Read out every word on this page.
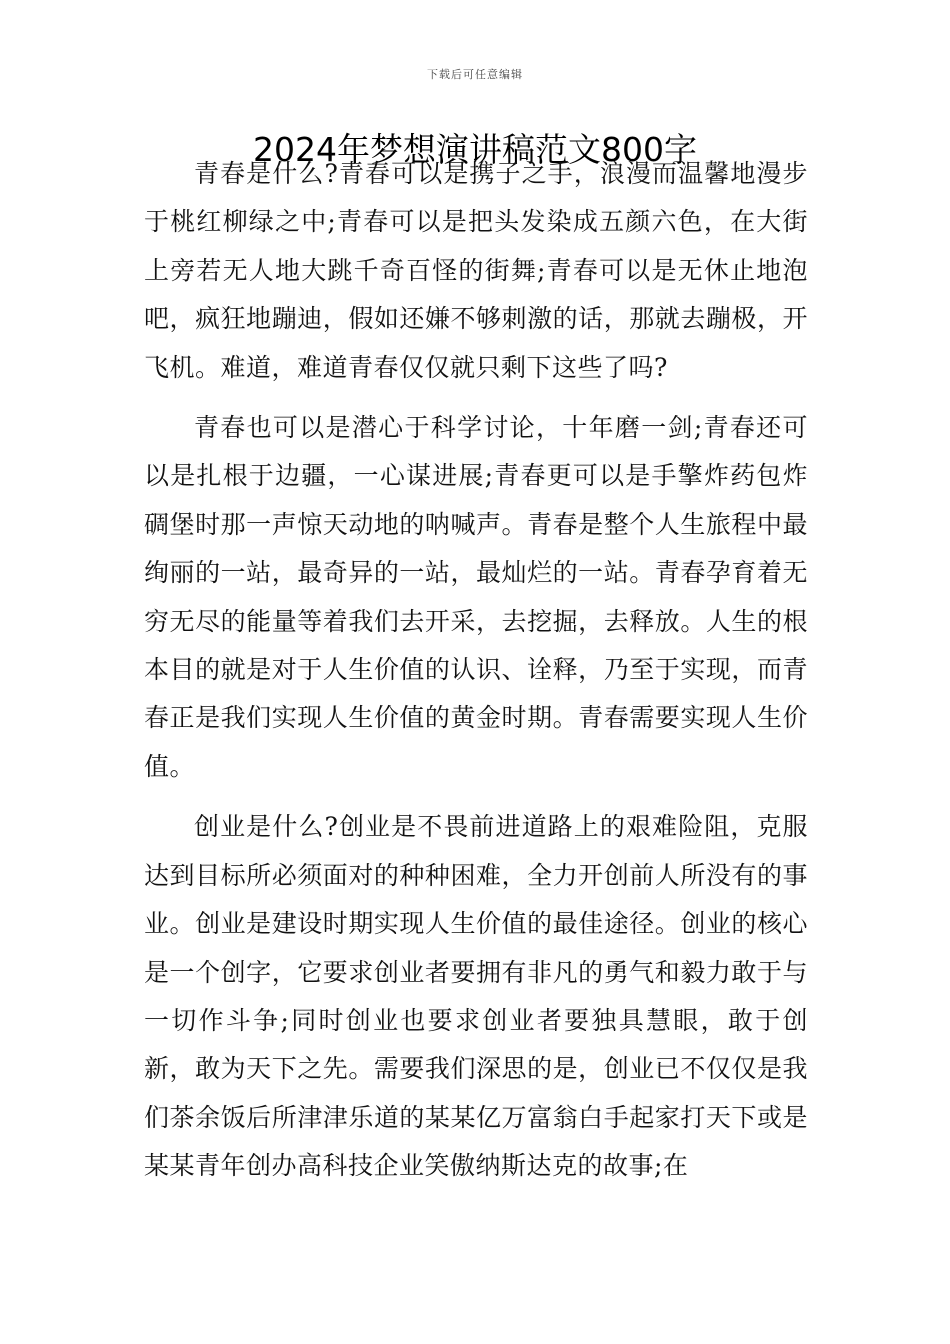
下载后可任意编辑
2024年梦想演讲稿范文800字

青春是什么?青春可以是携子之手，浪漫而温馨地漫步于桃红柳绿之中;青春可以是把头发染成五颜六色，在大街上旁若无人地大跳千奇百怪的街舞;青春可以是无休止地泡吧，疯狂地蹦迪，假如还嫌不够刺激的话，那就去蹦极，开飞机。难道，难道青春仅仅就只剩下这些了吗?

青春也可以是潜心于科学讨论，十年磨一剑;青春还可以是扎根于边疆，一心谋进展;青春更可以是手擎炸药包炸碉堡时那一声惊天动地的呐喊声。青春是整个人生旅程中最绚丽的一站，最奇异的一站，最灿烂的一站。青春孕育着无穷无尽的能量等着我们去开采，去挖掘，去释放。人生的根本目的就是对于人生价值的认识、诠释，乃至于实现，而青春正是我们实现人生价值的黄金时期。青春需要实现人生价值。

创业是什么?创业是不畏前进道路上的艰难险阻，克服达到目标所必须面对的种种困难，全力开创前人所没有的事业。创业是建设时期实现人生价值的最佳途径。创业的核心是一个创字，它要求创业者要拥有非凡的勇气和毅力敢于与一切作斗争;同时创业也要求创业者要独具慧眼，敢于创新，敢为天下之先。需要我们深思的是，创业已不仅仅是我们茶余饭后所津津乐道的某某亿万富翁白手起家打天下或是某某青年创办高科技企业笑傲纳斯达克的故事;在
